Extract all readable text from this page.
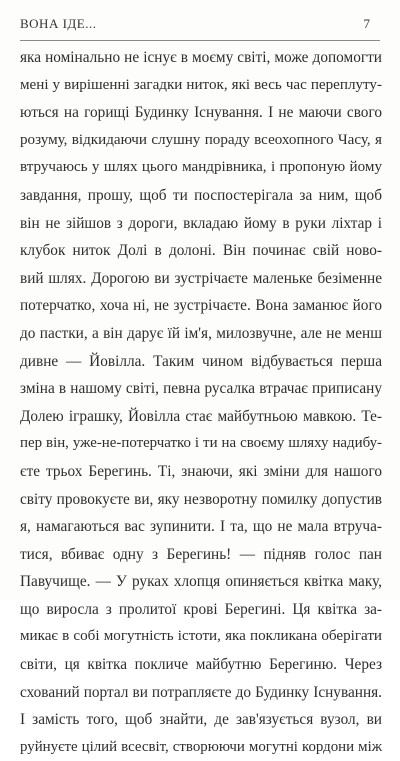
ВОНА ІДЕ...	7
яка номінально не існує в моєму світі, може допомогти
мені у вирішенні загадки ниток, які весь час переплуту-
ються на горищі Будинку Існування. І не маючи свого
розуму, відкидаючи слушну пораду всеохопного Часу, я
втручаюсь у шлях цього мандрівника, і пропоную йому
завдання, прошу, щоб ти поспостерігала за ним, щоб
він не зійшов з дороги, вкладаю йому в руки ліхтар і
клубок ниток Долі в долоні. Він починає свій ново-
вий шлях. Дорогою ви зустрічаєте маленьке безіменне
потерчатко, хоча ні, не зустрічаєте. Вона заманює його
до пастки, а він дарує їй ім'я, милозвучне, але не менш
дивне — Йовілла. Таким чином відбувається перша
зміна в нашому світі, певна русалка втрачає приписану
Долею іграшку, Йовілла стає майбутньою мавкою. Те-
пер він, уже-не-потерчатко і ти на своєму шляху надибу-
єте трьох Берегинь. Ті, знаючи, які зміни для нашого
світу провокуєте ви, яку незворотну помилку допустив
я, намагаються вас зупинити. І та, що не мала втруча-
тися, вбиває одну з Берегинь! — підняв голос пан
Павучище. — У руках хлопця опиняється квітка маку,
що виросла з пролитої крові Берегині. Ця квітка за-
микає в собі могутність істоти, яка покликана оберігати
світи, ця квітка покличе майбутню Берегиню. Через
схований портал ви потрапляєте до Будинку Існування.
І замість того, щоб знайти, де зав'язується вузол, ви
руйнуєте цілий всесвіт, створюючи могутні кордони між
